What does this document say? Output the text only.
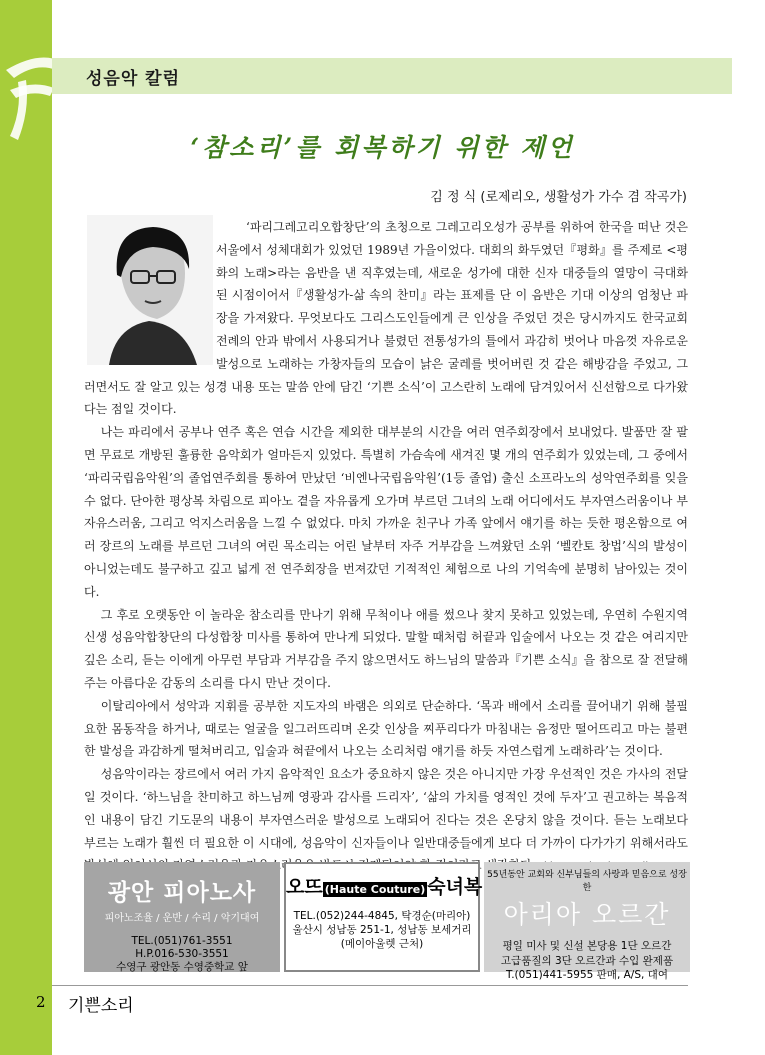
성음악 칼럼
‘참소리’를 회복하기 위한 제언
김 정 식 (로제리오, 생활성가 가수 겸 작곡가)

‘파리그레고리오합창단’의 초청으로 그레고리오성가 공부를 위하여 한국을 떠난 것은 서울에서 성체대회가 있었던 1989년 가을이었다. 대회의 화두였던『평화』를 주제로 <평화의 노래>라는 음반을 낸 직후였는데, 새로운 성가에 대한 신자 대중들의 열망이 극대화된 시점이어서『생활성가-삶 속의 찬미』라는 표제를 단 이 음반은 기대 이상의 엄청난 파장을 가져왔다. 무엇보다도 그리스도인들에게 큰 인상을 주었던 것은 당시까지도 한국교회 전례의 안과 밖에서 사용되거나 불렸던 전통성가의 틀에서 과감히 벗어나 마음껏 자유로운 발성으로 노래하는 가창자들의 모습이 낡은 굴레를 벗어버린 것 같은 해방감을 주었고, 그러면서도 잘 알고 있는 성경 내용 또는 말씀 안에 담긴 ‘기쁜 소식’이 고스란히 노래에 담겨있어서 신선함으로 다가왔다는 점일 것이다.

나는 파리에서 공부나 연주 혹은 연습 시간을 제외한 대부분의 시간을 여러 연주회장에서 보내었다. 발품만 잘 팔면 무료로 개방된 훌륭한 음악회가 얼마든지 있었다. 특별히 가슴속에 새겨진 몇 개의 연주회가 있었는데, 그 중에서 ‘파리국립음악원’의 졸업연주회를 통하여 만났던 ‘비엔나국립음악원’(1등 졸업) 출신 소프라노의 성악연주회를 잊을 수 없다. 단아한 평상복 차림으로 피아노 곁을 자유롭게 오가며 부르던 그녀의 노래 어디에서도 부자연스러움이나 부자유스러움, 그리고 억지스러움을 느낄 수 없었다. 마치 가까운 친구나 가족 앞에서 얘기를 하는 듯한 평온함으로 여러 장르의 노래를 부르던 그녀의 여린 목소리는 어린 날부터 자주 거부감을 느껴왔던 소위 ‘벨칸토 창법’식의 발성이 아니었는데도 불구하고 깊고 넓게 전 연주회장을 번져갔던 기적적인 체험으로 나의 기억속에 분명히 남아있는 것이다.

그 후로 오랫동안 이 놀라운 참소리를 만나기 위해 무척이나 애를 썼으나 찾지 못하고 있었는데, 우연히 수원지역 신생 성음악합창단의 다성합창 미사를 통하여 만나게 되었다. 말할 때처럼 허끝과 입술에서 나오는 것 같은 여리지만 깊은 소리, 듣는 이에게 아무런 부담과 거부감을 주지 않으면서도 하느님의 말씀과『기쁜 소식』을 참으로 잘 전달해 주는 아름다운 감동의 소리를 다시 만난 것이다.

이탈리아에서 성악과 지휘를 공부한 지도자의 바램은 의외로 단순하다. ‘목과 배에서 소리를 끌어내기 위해 불필요한 몸동작을 하거나, 때로는 얼굴을 일그러뜨리며 온갖 인상을 찌푸리다가 마침내는 음정만 떨어뜨리고 마는 불편한 발성을 과감하게 떨쳐버리고, 입술과 혀끝에서 나오는 소리처럼 얘기를 하듯 자연스럽게 노래하라’는 것이다.

성음악이라는 장르에서 여러 가지 음악적인 요소가 중요하지 않은 것은 아니지만 가장 우선적인 것은 가사의 전달일 것이다. ‘하느님을 찬미하고 하느님께 영광과 감사를 드리자’, ‘삶의 가치를 영적인 것에 두자’고 권고하는 복음적인 내용이 담긴 기도문의 내용이 부자연스러운 발성으로 노래되어 진다는 것은 온당치 않을 것이다. 듣는 노래보다 부르는 노래가 훨씬 더 필요한 이 시대에, 성음악이 신자들이나 일반대중들에게 보다 더 가까이 다가가기 위해서라도 자유스러움은

광안 피아노사
피아노조율 / 운반 / 수리 / 악기대여
TEL.(051)761-3551
H.P.016-530-3551
수영구 광안동 수영중학교 앞
오뜨 (Haute Couture) 숙녀복
TEL.(052)244-4845, 탁경순(마리아)
울산시 성남동 251-1, 성남동 보세거리
(메이아울렛 근처)
55년동안 교회와 신부님들의 사랑과 믿음으로 성장한
아리아 오르간
평일 미사 및 신설 본당용 1단 오르간
고급품질의 3단 오르간과 수입 완제품
T.(051)441-5955 판매, A/S, 대여
2 기쁜소리
